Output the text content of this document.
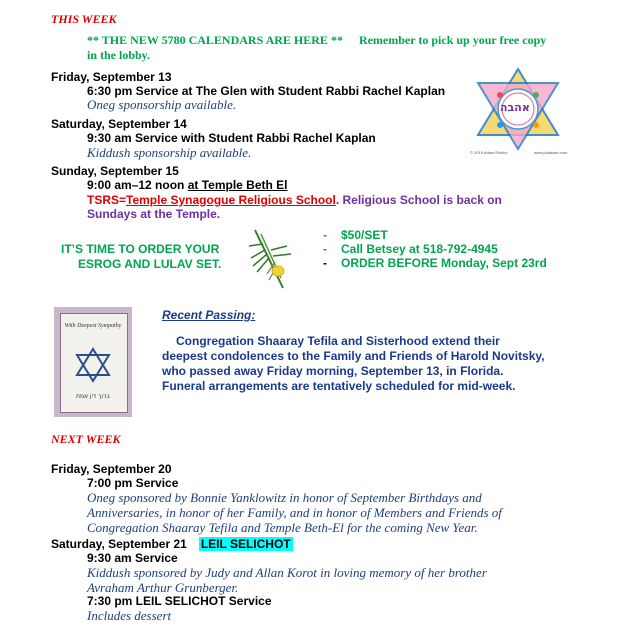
THIS WEEK
** THE NEW 5780 CALENDARS ARE HERE ** Remember to pick up your free copy
in the lobby.
Friday, September 13
6:30 pm Service at The Glen with Student Rabbi Rachel Kaplan
Oneg sponsorship available.
Saturday, September 14
9:30 am Service with Student Rabbi Rachel Kaplan
Kiddush sponsorship available.
Sunday, September 15
9:00 am–12 noon at Temple Beth El
TSRS=Temple Synagogue Religious School. Religious School is back on
Sundays at the Temple.
אהבה
© 2019 Adam Ehrlich	www.judaicart.com
IT’S TIME TO ORDER YOUR
ESROG AND LULAV SET.
- $50/SET
- Call Betsey at 518-792-4945
- ORDER BEFORE Monday, Sept 23rd
With Deepest Sympathy
ברוך דין אמת
Recent Passing:
Congregation Shaaray Tefila and Sisterhood extend their
deepest condolences to the Family and Friends of Harold Novitsky,
who passed away Friday morning, September 13, in Florida.
Funeral arrangements are tentatively scheduled for mid-week.
NEXT WEEK
Friday, September 20
7:00 pm Service
Oneg sponsored by Bonnie Yanklowitz in honor of September Birthdays and
Anniversaries, in honor of her Family, and in honor of Members and Friends of
Congregation Shaaray Tefila and Temple Beth-El for the coming New Year.
Saturday, September 21 LEIL SELICHOT
9:30 am Service
Kiddush sponsored by Judy and Allan Korot in loving memory of her brother
Avraham Arthur Grunberger.
7:30 pm LEIL SELICHOT Service
Includes dessert
